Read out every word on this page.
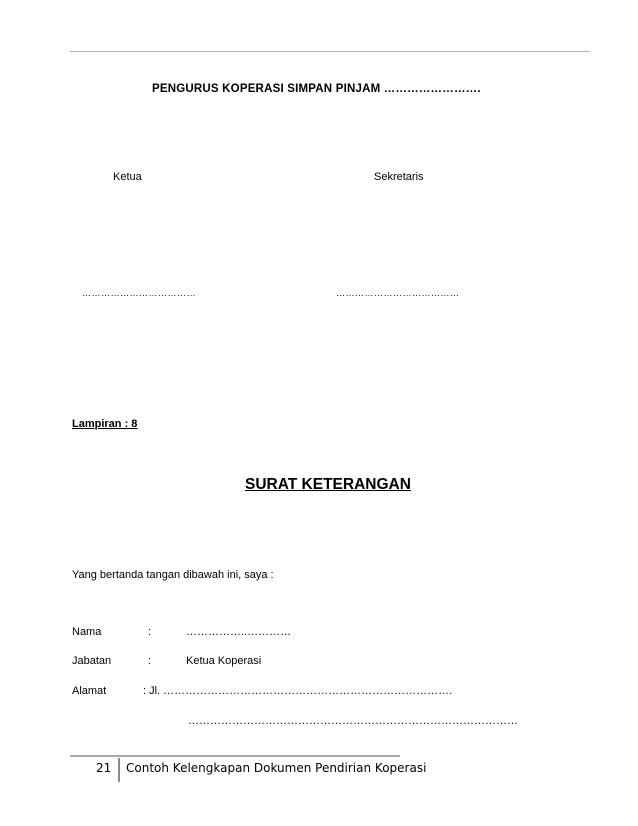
PENGURUS KOPERASI SIMPAN PINJAM …………………….
Ketua	Sekretaris
………………………………	…………………………………
Lampiran : 8
SURAT KETERANGAN
Yang bertanda tangan dibawah ini, saya :
Nama	:	……………..…………
Jabatan	:	Ketua Koperasi
Alamat	: Jl. …………………………………………………………………….
………………………………………………………………………………
21 Contoh Kelengkapan Dokumen Pendirian Koperasi
